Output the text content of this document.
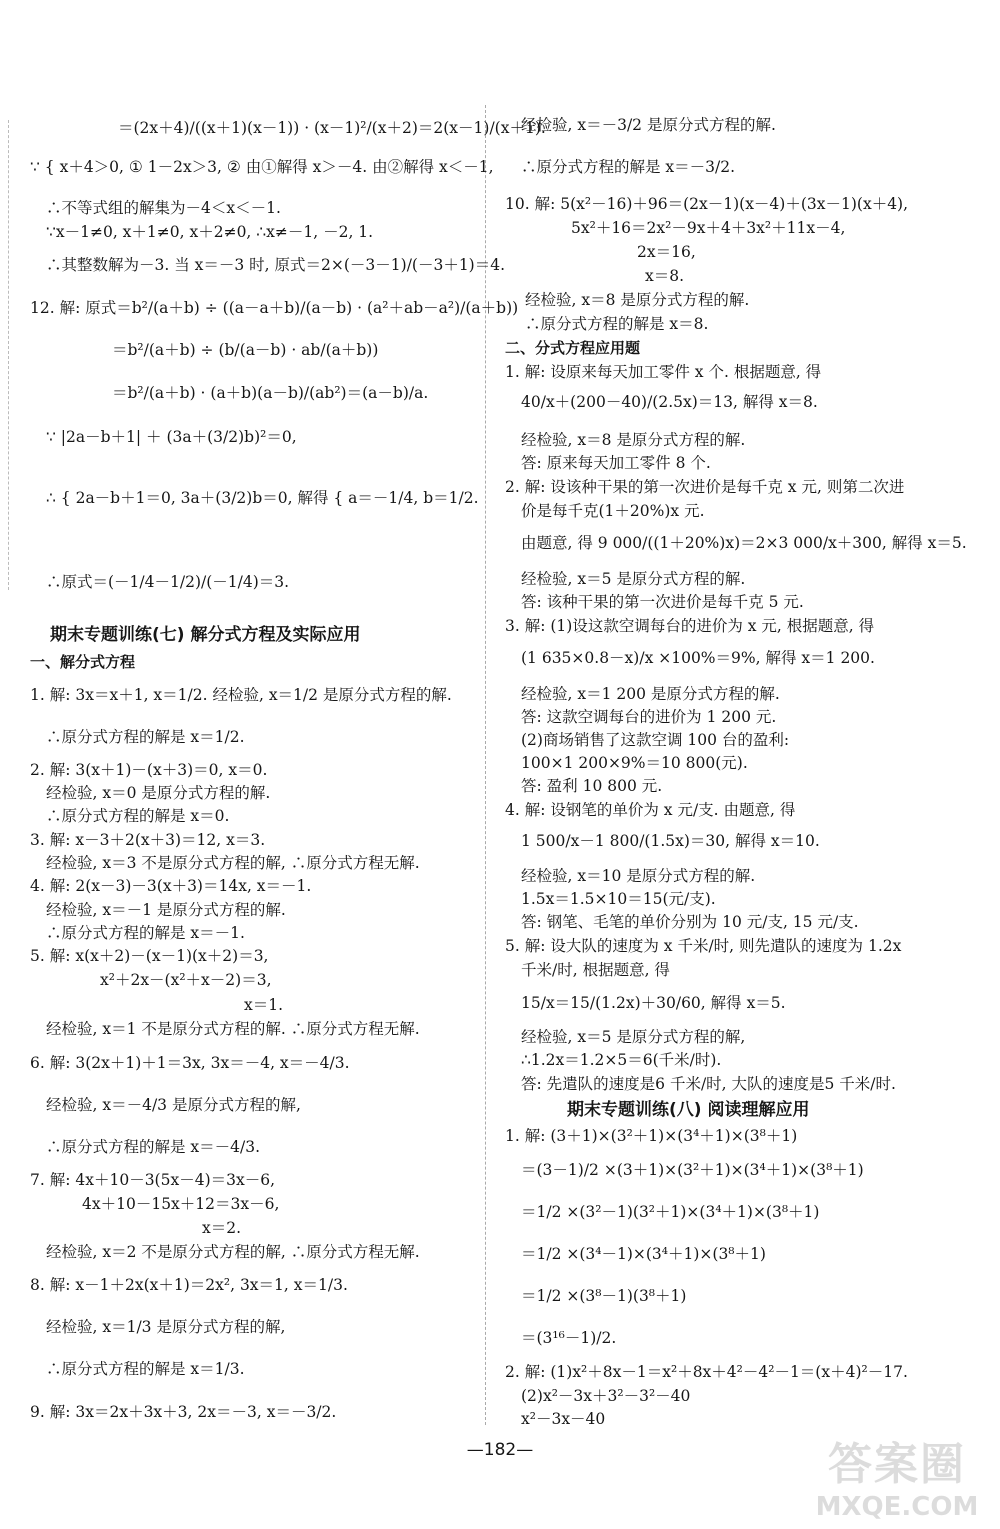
＝(2x＋4)/((x＋1)(x－1)) · (x－1)²/(x＋2)＝2(x－1)/(x＋1).
∵ { x＋4＞0, ① 1－2x＞3, ② 由①解得 x＞－4. 由②解得 x＜－1,
∴不等式组的解集为－4＜x＜－1.
∵x－1≠0, x＋1≠0, x＋2≠0, ∴x≠－1, －2, 1.
∴其整数解为－3. 当 x＝－3 时, 原式＝2×(－3－1)/(－3＋1)＝4.
12. 解: 原式＝b²/(a＋b) ÷ ((a－a＋b)/(a－b) · (a²＋ab－a²)/(a＋b))
＝b²/(a＋b) ÷ (b/(a－b) · ab/(a＋b))
＝b²/(a＋b) · (a＋b)(a－b)/(ab²)＝(a－b)/a.
∵ |2a－b＋1| ＋ (3a＋(3/2)b)²＝0,
∴ { 2a－b＋1＝0, 3a＋(3/2)b＝0, 解得 { a＝－1/4, b＝1/2.
∴原式＝(－1/4－1/2)/(－1/4)＝3.
期末专题训练(七) 解分式方程及实际应用
一、解分式方程
1. 解: 3x＝x＋1, x＝1/2. 经检验, x＝1/2 是原分式方程的解.
∴原分式方程的解是 x＝1/2.
2. 解: 3(x＋1)－(x＋3)＝0, x＝0.
经检验, x＝0 是原分式方程的解.
∴原分式方程的解是 x＝0.
3. 解: x－3＋2(x＋3)＝12, x＝3.
经检验, x＝3 不是原分式方程的解, ∴原分式方程无解.
4. 解: 2(x－3)－3(x＋3)＝14x, x＝－1.
经检验, x＝－1 是原分式方程的解.
∴原分式方程的解是 x＝－1.
5. 解: x(x＋2)－(x－1)(x＋2)＝3,
x²＋2x－(x²＋x－2)＝3,
x＝1.
经检验, x＝1 不是原分式方程的解. ∴原分式方程无解.
6. 解: 3(2x＋1)＋1＝3x, 3x＝－4, x＝－4/3.
经检验, x＝－4/3 是原分式方程的解,
∴原分式方程的解是 x＝－4/3.
7. 解: 4x＋10－3(5x－4)＝3x－6,
4x＋10－15x＋12＝3x－6,
x＝2.
经检验, x＝2 不是原分式方程的解, ∴原分式方程无解.
8. 解: x－1＋2x(x＋1)＝2x², 3x＝1, x＝1/3.
经检验, x＝1/3 是原分式方程的解,
∴原分式方程的解是 x＝1/3.
9. 解: 3x＝2x＋3x＋3, 2x＝－3, x＝－3/2.
经检验, x＝－3/2 是原分式方程的解.
∴原分式方程的解是 x＝－3/2.
10. 解: 5(x²－16)＋96＝(2x－1)(x－4)＋(3x－1)(x＋4),
5x²＋16＝2x²－9x＋4＋3x²＋11x－4,
2x＝16,
x＝8.
经检验, x＝8 是原分式方程的解.
∴原分式方程的解是 x＝8.
二、分式方程应用题
1. 解: 设原来每天加工零件 x 个. 根据题意, 得
40/x＋(200－40)/(2.5x)＝13, 解得 x＝8.
经检验, x＝8 是原分式方程的解.
答: 原来每天加工零件 8 个.
2. 解: 设该种干果的第一次进价是每千克 x 元, 则第二次进
价是每千克(1＋20%)x 元.
由题意, 得 9 000/((1＋20%)x)＝2×3 000/x＋300, 解得 x＝5.
经检验, x＝5 是原分式方程的解.
答: 该种干果的第一次进价是每千克 5 元.
3. 解: (1)设这款空调每台的进价为 x 元, 根据题意, 得
(1 635×0.8－x)/x ×100%＝9%, 解得 x＝1 200.
经检验, x＝1 200 是原分式方程的解.
答: 这款空调每台的进价为 1 200 元.
(2)商场销售了这款空调 100 台的盈利:
100×1 200×9%＝10 800(元).
答: 盈利 10 800 元.
4. 解: 设钢笔的单价为 x 元/支. 由题意, 得
1 500/x－1 800/(1.5x)＝30, 解得 x＝10.
经检验, x＝10 是原分式方程的解.
1.5x＝1.5×10＝15(元/支).
答: 钢笔、毛笔的单价分别为 10 元/支, 15 元/支.
5. 解: 设大队的速度为 x 千米/时, 则先遣队的速度为 1.2x
千米/时, 根据题意, 得
15/x＝15/(1.2x)＋30/60, 解得 x＝5.
经检验, x＝5 是原分式方程的解,
∴1.2x＝1.2×5＝6(千米/时).
答: 先遣队的速度是6 千米/时, 大队的速度是5 千米/时.
期末专题训练(八) 阅读理解应用
1. 解: (3＋1)×(3²＋1)×(3⁴＋1)×(3⁸＋1)
＝(3－1)/2 ×(3＋1)×(3²＋1)×(3⁴＋1)×(3⁸＋1)
＝1/2 ×(3²－1)(3²＋1)×(3⁴＋1)×(3⁸＋1)
＝1/2 ×(3⁴－1)×(3⁴＋1)×(3⁸＋1)
＝1/2 ×(3⁸－1)(3⁸＋1)
＝(3¹⁶－1)/2.
2. 解: (1)x²＋8x－1＝x²＋8x＋4²－4²－1＝(x＋4)²－17.
(2)x²－3x＋3²－3²－40
x²－3x－40
—182—	答案圈
MXQE.COM
